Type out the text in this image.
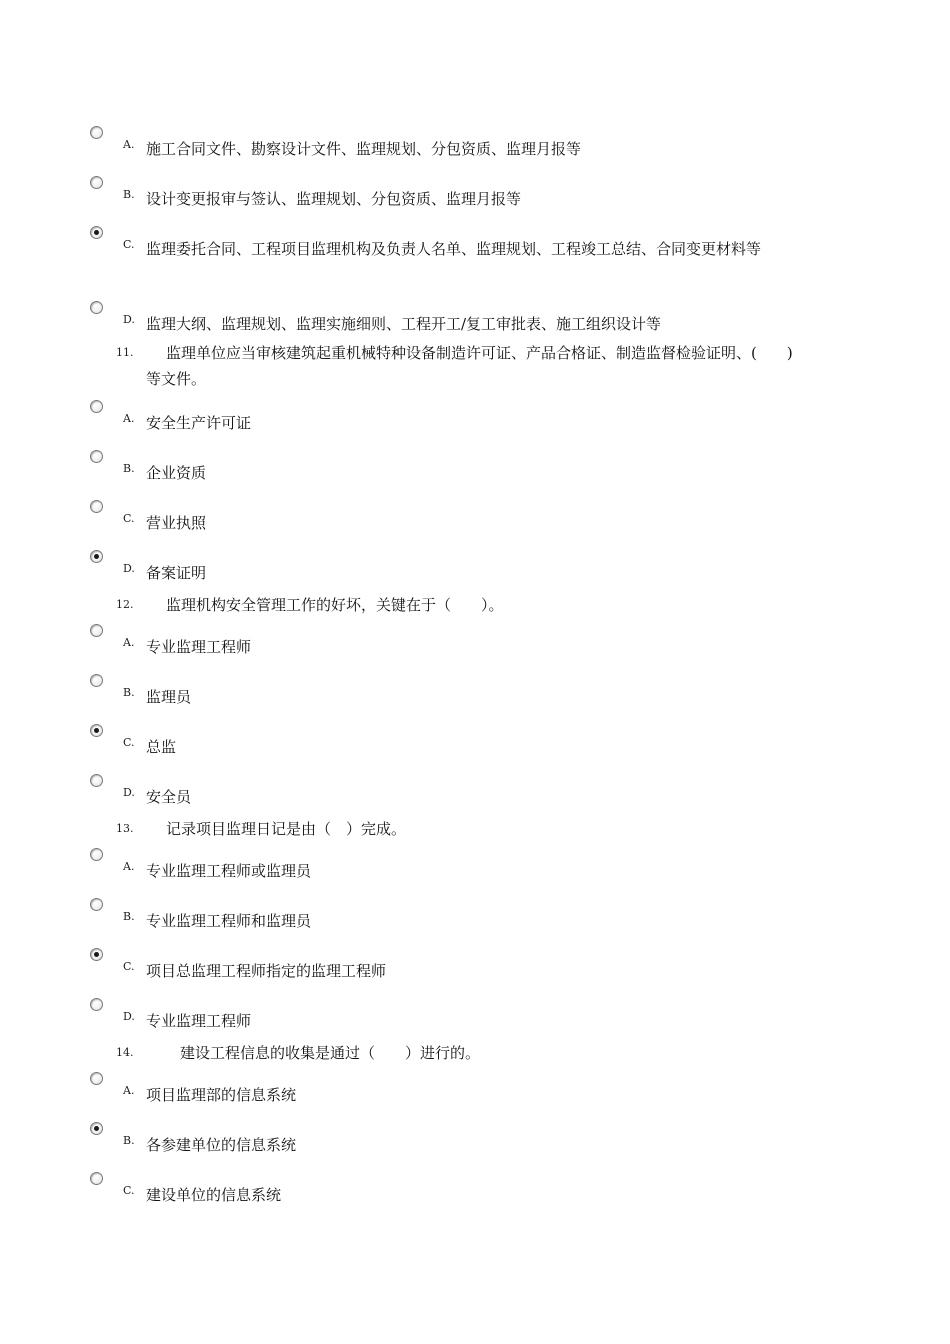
A. 施工合同文件、勘察设计文件、监理规划、分包资质、监理月报等
B. 设计变更报审与签认、监理规划、分包资质、监理月报等
C. 监理委托合同、工程项目监理机构及负责人名单、监理规划、工程竣工总结、合同变更材料等
D. 监理大纲、监理规划、监理实施细则、工程开工/复工审批表、施工组织设计等
11.	监理单位应当审核建筑起重机械特种设备制造许可证、产品合格证、制造监督检验证明、(　　)等文件。
A. 安全生产许可证
B. 企业资质
C. 营业执照
D. 备案证明
12.	监理机构安全管理工作的好坏，关键在于（　　）。
A. 专业监理工程师
B. 监理员
C. 总监
D. 安全员
13.	记录项目监理日记是由（　）完成。
A. 专业监理工程师或监理员
B. 专业监理工程师和监理员
C. 项目总监理工程师指定的监理工程师
D. 专业监理工程师
14.	建设工程信息的收集是通过（　　）进行的。
A. 项目监理部的信息系统
B. 各参建单位的信息系统
C. 建设单位的信息系统
